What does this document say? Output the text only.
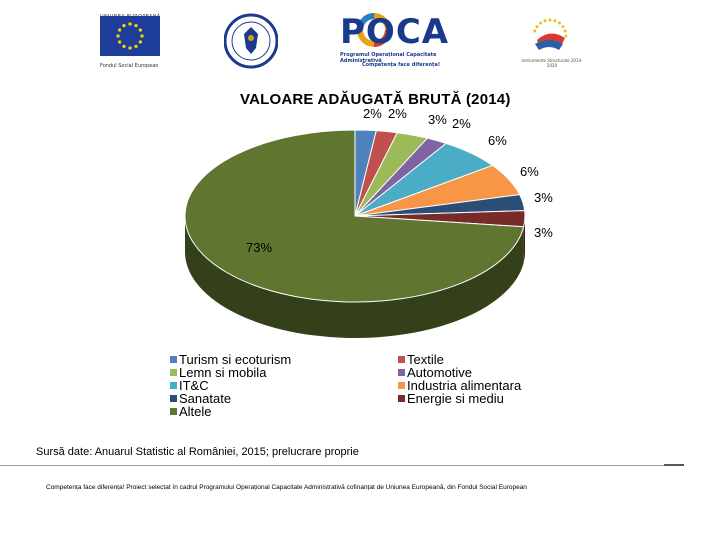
Fondul Social European
POCA
Programul Operațional Capacitate Administrativă
Competența face diferența!
Instrumente Structurale 2014-2020
VALOARE ADĂUGATĂ BRUTĂ (2014)
2% 2% 3% 2%
6%
6%
3%
3%
73%
Turism si ecoturism
Lemn si mobila
IT&C
Sanatate
Altele
Textile
Automotive
Industria alimentara
Energie si mediu
Sursă date: Anuarul Statistic al României, 2015; prelucrare proprie
Competența face diferența! Proiect selectat în cadrul Programului Operațional Capacitate Administrativă cofinanțat de Uniunea Europeană, din Fondul Social European
